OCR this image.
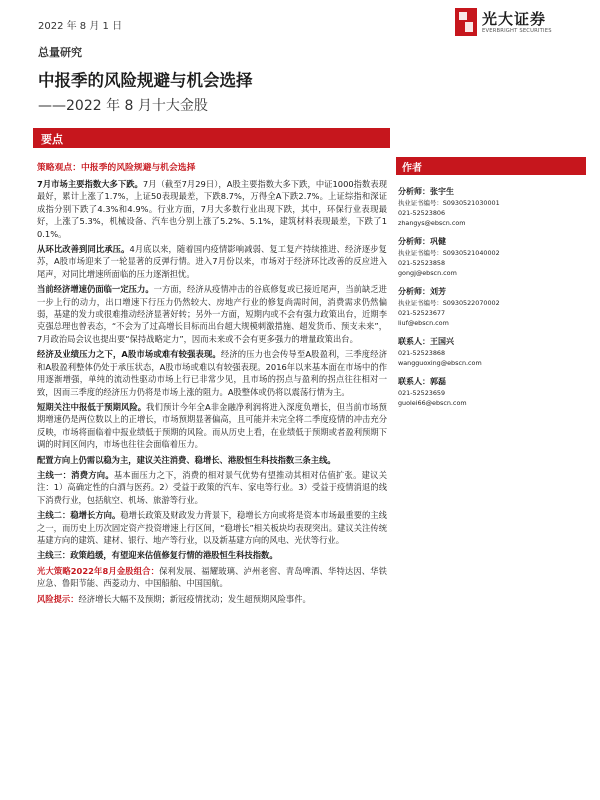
2022 年 8 月 1 日	光大证券
EVERBRIGHT SECURITIES
总量研究
中报季的风险规避与机会选择
——2022 年 8 月十大金股
要点
策略观点：中报季的风险规避与机会选择

7月市场主要指数大多下跌。7月（截至7月29日），A股主要指数大多下跌，中证1000指数表现最好，累计上涨了1.7%，上证50表现最差，下跌8.7%，万得全A下跌2.7%。上证综指和深证成指分别下跌了4.3%和4.9%。行业方面，7月大多数行业出现下跌，其中，环保行业表现最好，上涨了5.3%，机械设备、汽车也分别上涨了5.2%、5.1%，建筑材料表现最差，下跌了10.1%。

从环比改善到同比承压。4月底以来，随着国内疫情影响减弱、复工复产持续推进、经济逐步复苏，A股市场迎来了一轮显著的反弹行情。进入7月份以来，市场对于经济环比改善的反应进入尾声，对同比增速所面临的压力逐渐担忧。

当前经济增速仍面临一定压力。一方面，经济从疫情冲击的谷底修复或已接近尾声，当前缺乏进一步上行的动力，出口增速下行压力仍然较大、房地产行业的修复尚需时间，消费需求仍然偏弱，基建的发力或很难推动经济显著好转；另外一方面，短期内或不会有强力政策出台，近期李克强总理也曾表态，“不会为了过高增长目标而出台超大规模刺激措施、超发货币、预支未来”，7月政治局会议也提出要“保持战略定力”，因而未来或不会有更多强力的增量政策出台。

经济及业绩压力之下，A股市场或难有较强表现。经济的压力也会传导至A股盈利，三季度经济和A股盈利整体仍处于承压状态，A股市场或难以有较强表现。2016年以来基本面在市场中的作用逐渐增强，单纯的流动性驱动市场上行已非常少见，且市场的拐点与盈利的拐点往往相对一致，因而三季度的经济压力仍将是市场上涨的阻力。A股整体或仍将以震荡行情为主。

短期关注中报低于预期风险。我们预计今年全A非金融净利润将进入深度负增长，但当前市场预期增速仍是两位数以上的正增长，市场预期显著偏高，且可能并未完全将二季度疫情的冲击充分反映，市场将面临着中报业绩低于预期的风险。而从历史上看，在业绩低于预期或者盈利预期下调的时间区间内，市场也往往会面临着压力。

配置方向上仍需以稳为主，建议关注消费、稳增长、港股恒生科技指数三条主线。

主线一：消费方向。基本面压力之下，消费的相对景气优势有望推动其相对估值扩张。建议关注：1）高确定性的白酒与医药。2）受益于政策的汽车、家电等行业。3）受益于疫情消退的线下消费行业，包括航空、机场、旅游等行业。

主线二：稳增长方向。稳增长政策及财政发力背景下，稳增长方向或将是资本市场最重要的主线之一，而历史上历次固定资产投资增速上行区间，“稳增长”相关板块均表现突出。建议关注传统基建方向的建筑、建材、银行、地产等行业，以及新基建方向的风电、光伏等行业。

主线三：政策趋缓，有望迎来估值修复行情的港股恒生科技指数。

光大策略2022年8月金股组合：保利发展、福耀玻璃、泸州老窖、青岛啤酒、华特达因、华铁应急、鲁阳节能、西菱动力、中国船舶、中国国航。

风险提示：经济增长大幅不及预期；新冠疫情扰动；发生超预期风险事件。

作者
分析师：张宇生
执业证书编号：S0930521030001
021-52523806
zhangys@ebscn.com
分析师：巩健
执业证书编号：S0930521040002
021-52523858
gongj@ebscn.com
分析师：刘芳
执业证书编号：S0930522070002
021-52523677
liuf@ebscn.com
联系人：王国兴
021-52523868
wangguoxing@ebscn.com
联系人：郭磊
021-52523659
guolei66@ebscn.com
